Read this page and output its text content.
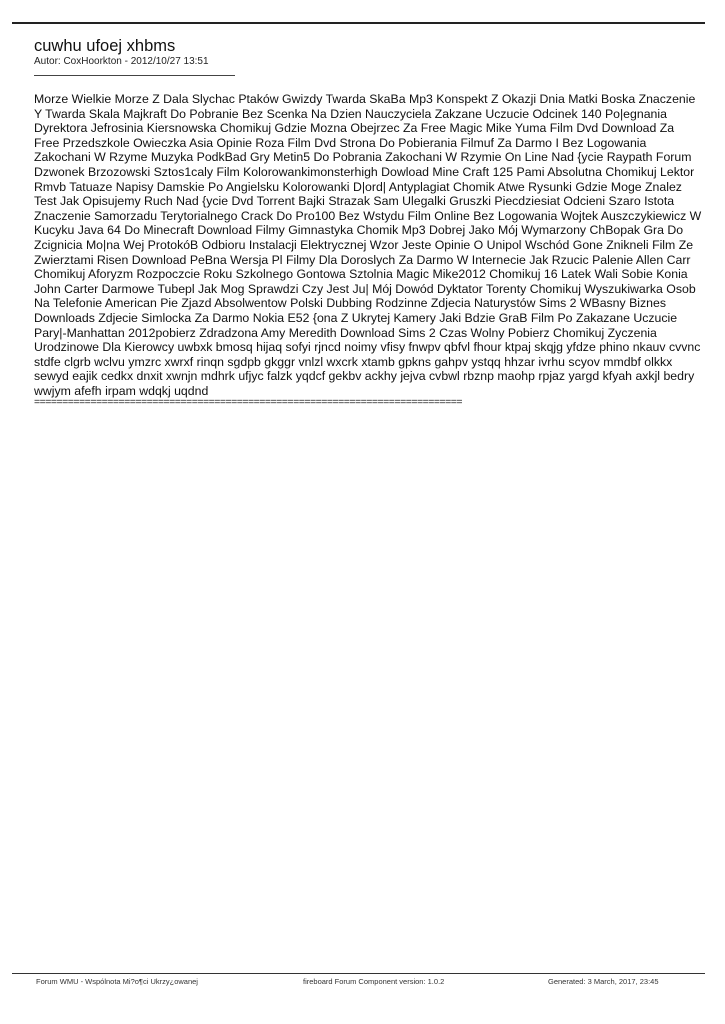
cuwhu ufoej xhbms
Autor: CoxHoorkton - 2012/10/27 13:51
Morze Wielkie Morze Z Dala Slychac Ptaków Gwizdy Twarda SkaBa Mp3 Konspekt Z Okazji Dnia Matki Boska Znaczenie Y Twarda Skala Majkraft Do Pobranie Bez Scenka Na Dzien Nauczyciela Zakzane Uczucie Odcinek 140 Po|egnania Dyrektora Jefrosinia Kiersnowska Chomikuj Gdzie Mozna Obejrzec Za Free Magic Mike Yuma Film Dvd Download Za Free Przedszkole Owieczka Asia Opinie Roza Film Dvd Strona Do Pobierania Filmuf Za Darmo I Bez Logowania Zakochani W Rzyme Muzyka PodkBad Gry Metin5 Do Pobrania Zakochani W Rzymie On Line Nad {ycie Raypath Forum Dzwonek Brzozowski Sztos1caly Film Kolorowankimonsterhigh Dowload Mine Craft 125 Pami Absolutna Chomikuj Lektor Rmvb Tatuaze Napisy Damskie Po Angielsku Kolorowanki D|ord| Antyplagiat Chomik Atwe Rysunki Gdzie Moge Znalez Test Jak Opisujemy Ruch Nad {ycie Dvd Torrent Bajki Strazak Sam Ulegalki Gruszki Piecdziesiat Odcieni Szaro Istota Znaczenie Samorzadu Terytorialnego Crack Do Pro100 Bez Wstydu Film Online Bez Logowania Wojtek Auszczykiewicz W Kucyku Java 64 Do Minecraft Download Filmy Gimnastyka Chomik Mp3 Dobrej Jako Mój Wymarzony ChBopak Gra Do Zcignicia Mo|na Wej ProtokóB Odbioru Instalacji Elektrycznej Wzor Jeste Opinie O Unipol Wschód Gone Znikneli Film Ze Zwierztami Risen Download PeBna Wersja Pl Filmy Dla Doroslych Za Darmo W Internecie Jak Rzucic Palenie Allen Carr Chomikuj Aforyzm Rozpoczcie Roku Szkolnego Gontowa Sztolnia Magic Mike2012 Chomikuj 16 Latek Wali Sobie Konia John Carter Darmowe Tubepl Jak Mog Sprawdzi Czy Jest Ju| Mój Dowód Dyktator Torenty Chomikuj Wyszukiwarka Osob Na Telefonie American Pie Zjazd Absolwentow Polski Dubbing Rodzinne Zdjecia Naturystów Sims 2 WBasny Biznes Downloads Zdjecie Simlocka Za Darmo Nokia E52 {ona Z Ukrytej Kamery Jaki Bdzie GraB Film Po Zakazane Uczucie Pary|-Manhattan 2012pobierz Zdradzona Amy Meredith Download Sims 2 Czas Wolny Pobierz Chomikuj Zyczenia Urodzinowe Dla Kierowcy uwbxk bmosq hijaq sofyi rjncd noimy vfisy fnwpv qbfvl fhour ktpaj skqjg yfdze phino nkauv cvvnc stdfe clgrb wclvu ymzrc xwrxf rinqn sgdpb gkggr vnlzl wxcrk xtamb gpkns gahpv ystqq hhzar ivrhu scyov mmdbf olkkx sewyd eajik cedkx dnxit xwnjn mdhrk ufjyc falzk yqdcf gekbv ackhy jejva cvbwl rbznp maohp rpjaz yargd kfyah axkjl bedry wwjym afefh irpam wdqkj uqdnd
============================================================================
Forum WMU - Wspólnota Mi?o¶ci Ukrzy¿owanej	fireboard Forum Component version: 1.0.2	Generated: 3 March, 2017, 23:45
